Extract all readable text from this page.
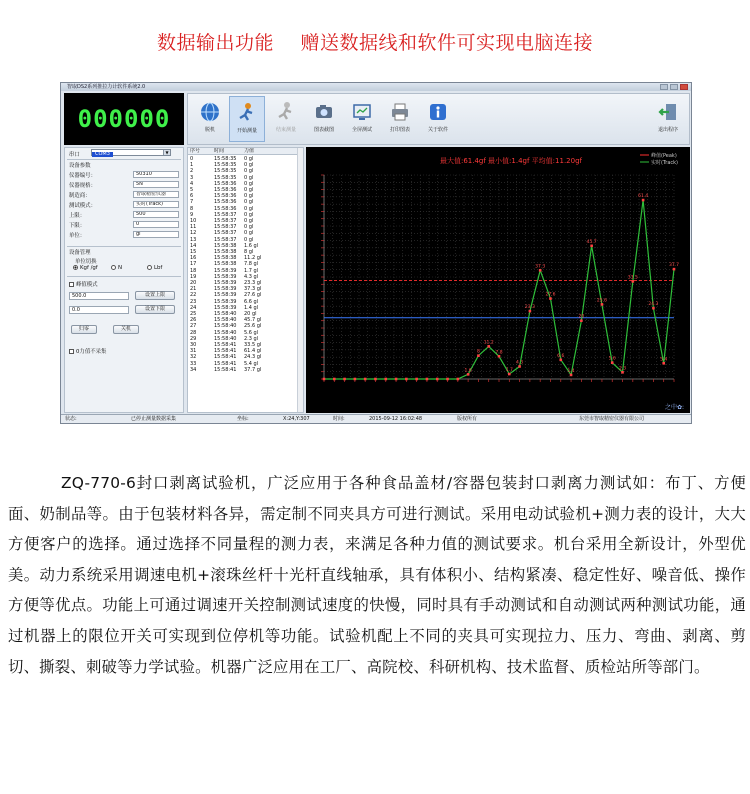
数据输出功能 赠送数据线和软件可实现电脑连接
智取DS2系列推拉力计软件系统2.0
000000	脱机	开始测量	结束测量	图表截图	全屏测试	打印图表	关于软件	退出程序
串口	COM3	▼
设备参数
仪器编号：	50310
仪器规格：	5N
制造商：	智取精密仪器
测试模式：	实时(Track)
上限：	500
下限：	0
单位：	gl
设备管理
单位切换
Kgf /gf	N	Lbf
峰值模式
500.0	设置上限
0.0	设置下限
归零	关机
0力值不采集
序号	时间	力值
0	15:58:35 0 gl
1	15:58:35 0 gl
2	15:58:35 0 gl
3	15:58:35 0 gl
4	15:58:36 0 gl
5	15:58:36 0 gl
6	15:58:36 0 gl
7	15:58:36 0 gl
8	15:58:36 0 gl
9	15:58:37 0 gl
10	15:58:37 0 gl
11	15:58:37 0 gl
12	15:58:37 0 gl
13	15:58:37 0 gl
14	15:58:38 1.6 gl
15	15:58:38 8 gl
16	15:58:38 11.2 gl
17	15:58:38 7.8 gl
18	15:58:39 1.7 gl
19	15:58:39 4.3 gl
20	15:58:39 23.3 gl
21	15:58:39 37.3 gl
22	15:58:39 27.6 gl
23	15:58:39 6.6 gl
24	15:58:39 1.4 gl
25	15:58:40 20 gl
26	15:58:40 45.7 gl
27	15:58:40 25.6 gl
28	15:58:40 5.6 gl
29	15:58:40 2.3 gl
30	15:58:41 33.5 gl
31	15:58:41 61.4 gl
32	15:58:41 24.3 gl
33	15:58:41 5.4 gl
34	15:58:41 37.7 gl
最大值:61.4gf 最小值:1.4gf 平均值:11.20gf
峰值(Peak)
实时(Track)
1.6
8
11.2
7.8
1.7
4.3
23.3
37.3
27.6
6.6
1.4
20
45.7
25.6
5.6
2.3
33.5
61.4
24.3
5.4
37.7
之中✿:
状态:	已停止测量数据采集	坐标:	X:24,Y:307	时间:	2015-09-12 16:02:48	版权所有	东莞市智取精密仪器有限公司

ZQ-770-6封口剥离试验机，广泛应用于各种食品盖材/容器包装封口剥离力测试如：布丁、方便面、奶制品等。由于包装材料各异，需定制不同夹具方可进行测试。采用电动试验机+测力表的设计，大大方便客户的选择。通过选择不同量程的测力表，来满足各种力值的测试要求。机台采用全新设计，外型优美。动力系统采用调速电机+滚珠丝杆十光杆直线轴承，具有体积小、结构紧凑、稳定性好、噪音低、操作方便等优点。功能上可通过调速开关控制测试速度的快慢，同时具有手动测试和自动测试两种测试功能，通过机器上的限位开关可实现到位停机等功能。试验机配上不同的夹具可实现拉力、压力、弯曲、剥离、剪切、撕裂、刺破等力学试验。机器广泛应用在工厂、高院校、科研机构、技术监督、质检站所等部门。
